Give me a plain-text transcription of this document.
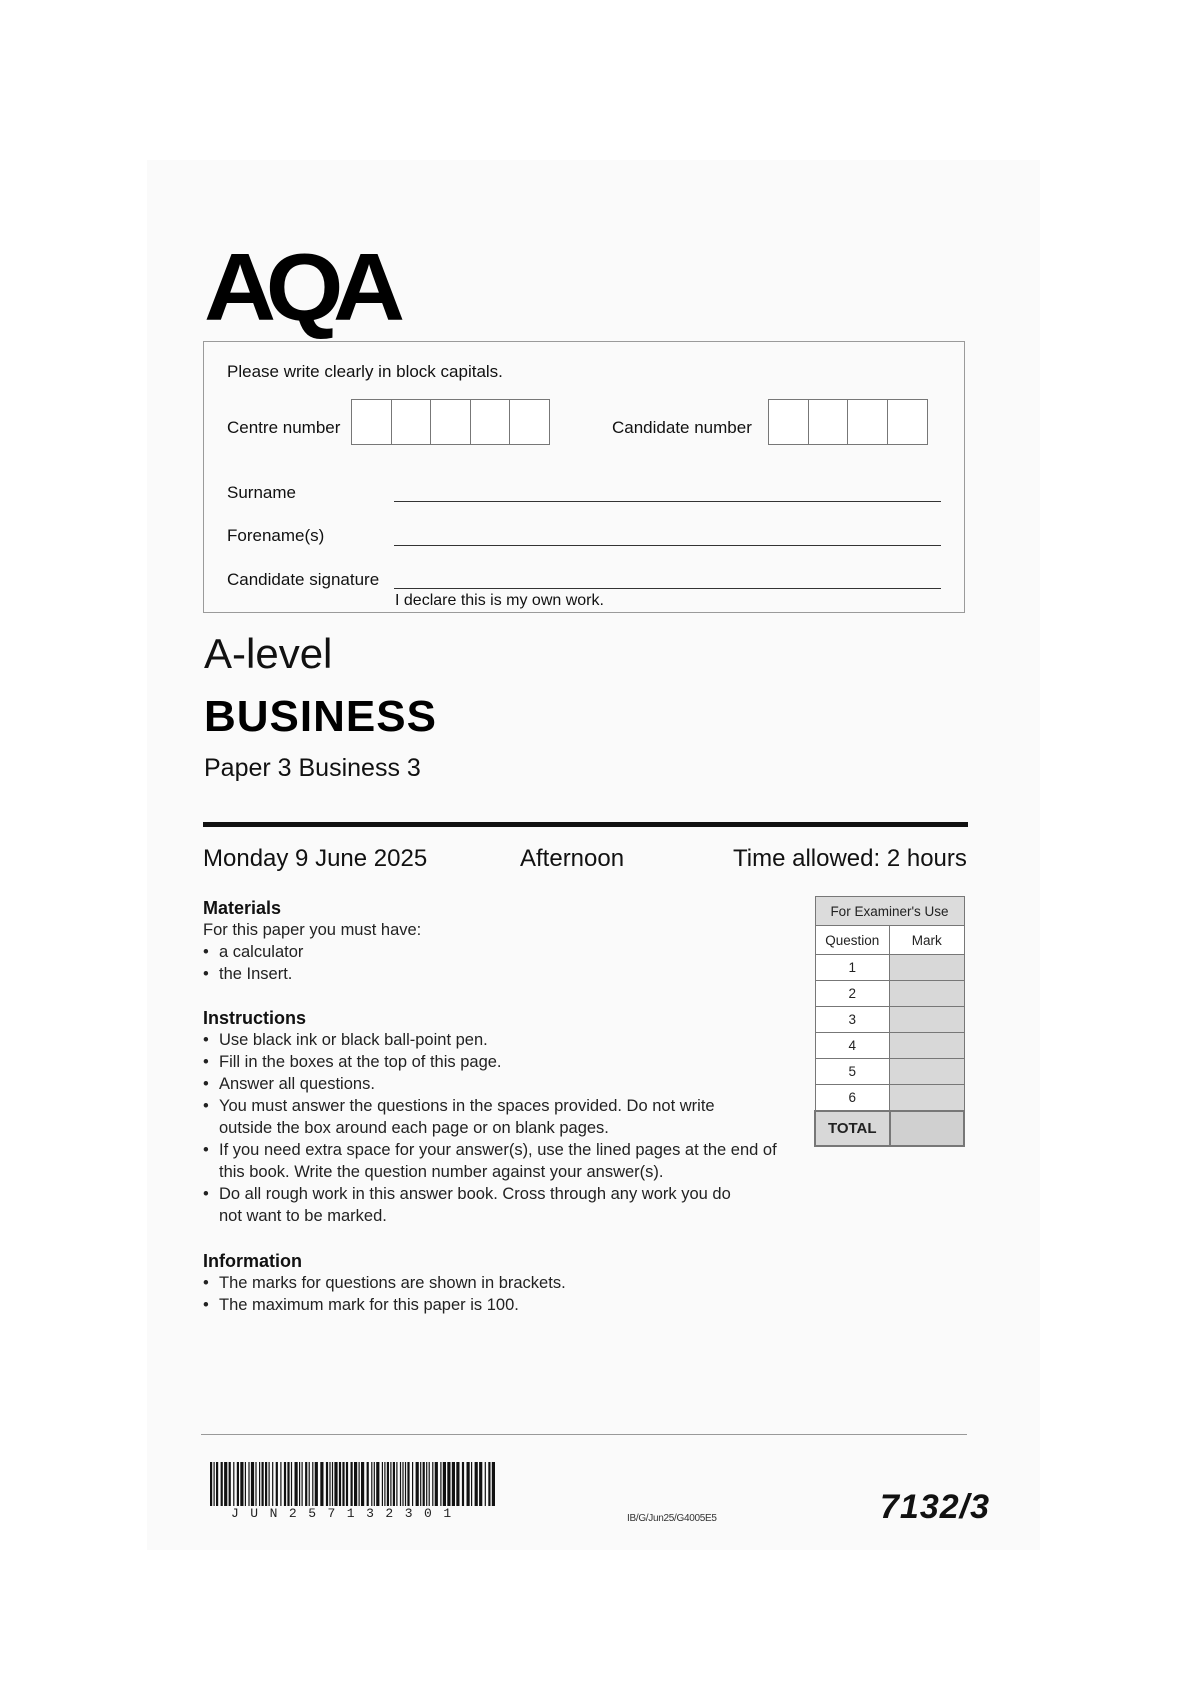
AQA
Please write clearly in block capitals.
Centre number	Candidate number
Surname
Forename(s)
Candidate signature
I declare this is my own work.
A-level
BUSINESS
Paper 3 Business 3
Monday 9 June 2025	Afternoon	Time allowed: 2 hours
Materials
For this paper you must have:
• a calculator
• the Insert.
Instructions
• Use black ink or black ball-point pen.
• Fill in the boxes at the top of this page.
• Answer all questions.
• You must answer the questions in the spaces provided. Do not write outside the box around each page or on blank pages.
• If you need extra space for your answer(s), use the lined pages at the end of this book. Write the question number against your answer(s).
• Do all rough work in this answer book. Cross through any work you do not want to be marked.
Information
• The marks for questions are shown in brackets.
• The maximum mark for this paper is 100.
For Examiner's Use	
Question	Mark
1	
2	
3	
4	
5	
6	
TOTAL	
JUN257132301	IB/G/Jun25/G4005E5	7132/3
